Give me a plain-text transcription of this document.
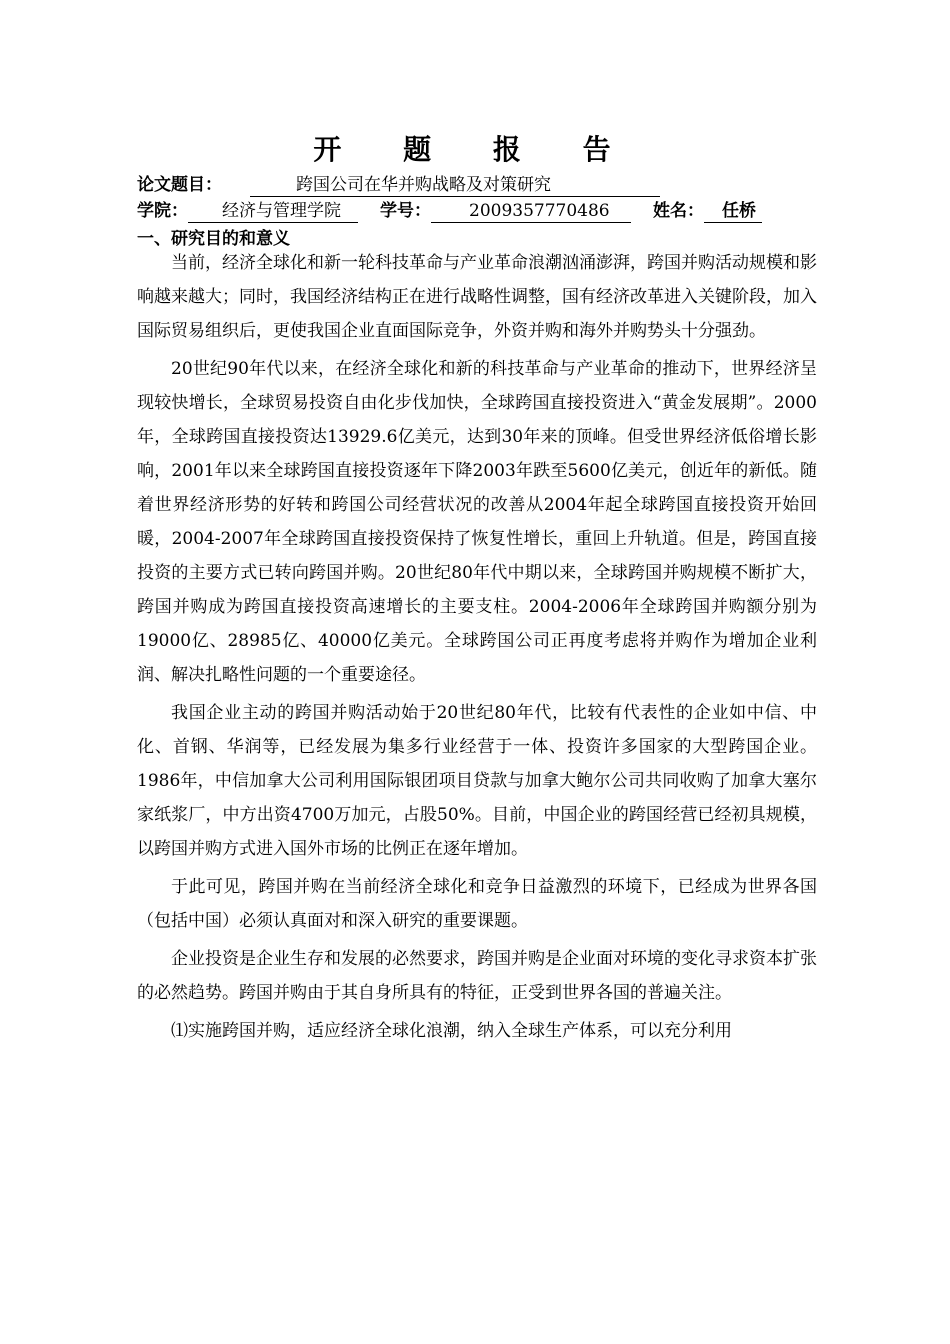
开 题 报 告
论文题目：	跨国公司在华并购战略及对策研究
学院： 经济与管理学院 学号： 2009357770486	姓名： 任桥
一、研究目的和意义

当前，经济全球化和新一轮科技革命与产业革命浪潮汹涌澎湃，跨国并购活动规模和影响越来越大；同时，我国经济结构正在进行战略性调整，国有经济改革进入关键阶段，加入国际贸易组织后，更使我国企业直面国际竞争，外资并购和海外并购势头十分强劲。

20世纪90年代以来，在经济全球化和新的科技革命与产业革命的推动下，世界经济呈现较快增长，全球贸易投资自由化步伐加快，全球跨国直接投资进入“黄金发展期”。2000年，全球跨国直接投资达13929.6亿美元，达到30年来的顶峰。但受世界经济低俗增长影响，2001年以来全球跨国直接投资逐年下降2003年跌至5600亿美元，创近年的新低。随着世界经济形势的好转和跨国公司经营状况的改善从2004年起全球跨国直接投资开始回暖，2004-2007年全球跨国直接投资保持了恢复性增长，重回上升轨道。但是，跨国直接投资的主要方式已转向跨国并购。20世纪80年代中期以来，全球跨国并购规模不断扩大，跨国并购成为跨国直接投资高速增长的主要支柱。2004-2006年全球跨国并购额分别为19000亿、28985亿、40000亿美元。全球跨国公司正再度考虑将并购作为增加企业利润、解决扎略性问题的一个重要途径。

我国企业主动的跨国并购活动始于20世纪80年代，比较有代表性的企业如中信、中化、首钢、华润等，已经发展为集多行业经营于一体、投资许多国家的大型跨国企业。1986年，中信加拿大公司利用国际银团项目贷款与加拿大鲍尔公司共同收购了加拿大塞尔家纸浆厂，中方出资4700万加元，占股50%。目前，中国企业的跨国经营已经初具规模，以跨国并购方式进入国外市场的比例正在逐年增加。

于此可见，跨国并购在当前经济全球化和竞争日益激烈的环境下，已经成为世界各国（包括中国）必须认真面对和深入研究的重要课题。

企业投资是企业生存和发展的必然要求，跨国并购是企业面对环境的变化寻求资本扩张的必然趋势。跨国并购由于其自身所具有的特征，正受到世界各国的普遍关注。

⑴实施跨国并购，适应经济全球化浪潮，纳入全球生产体系，可以充分利用
